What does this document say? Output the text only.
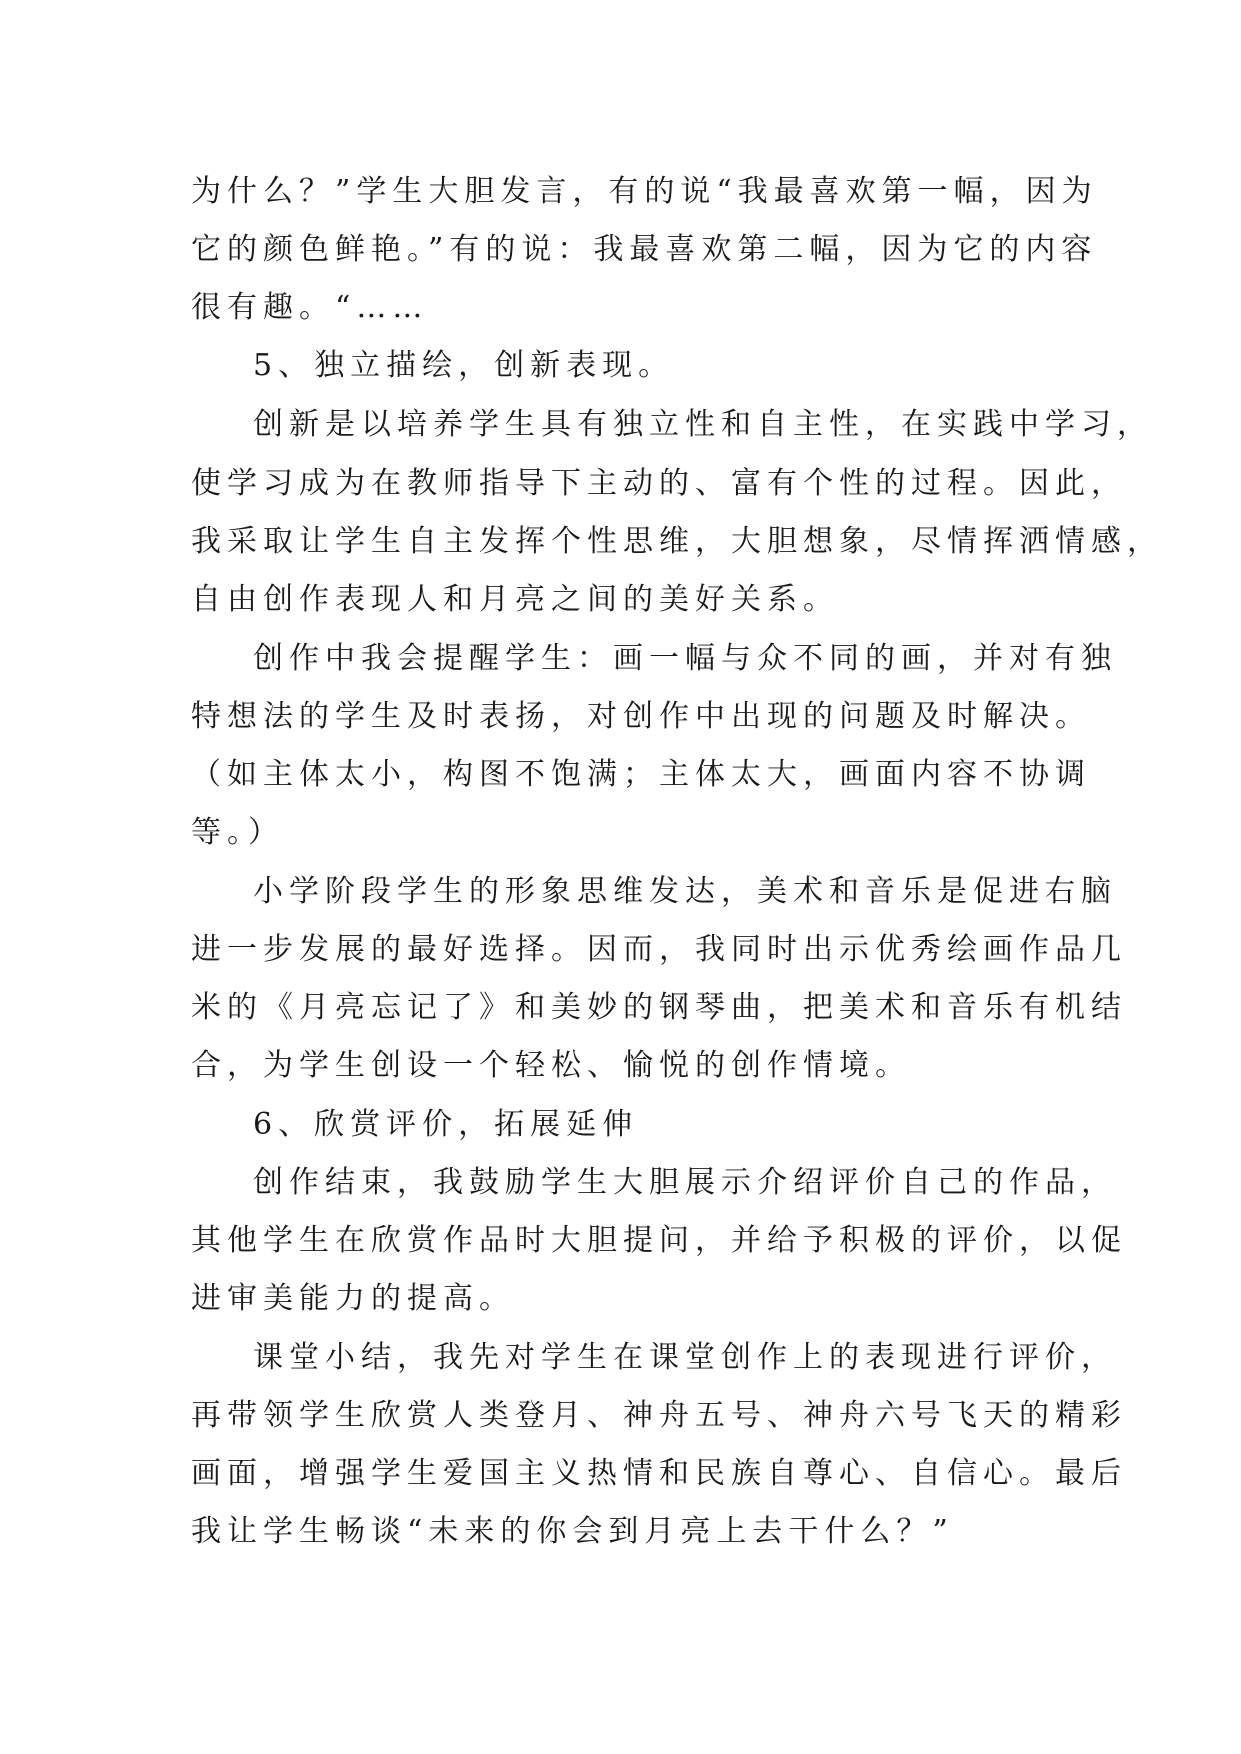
为什么？”学生大胆发言，有的说“我最喜欢第一幅，因为
它的颜色鲜艳。”有的说：我最喜欢第二幅，因为它的内容
很有趣。“……
5、独立描绘，创新表现。
创新是以培养学生具有独立性和自主性，在实践中学习，
使学习成为在教师指导下主动的、富有个性的过程。因此，
我采取让学生自主发挥个性思维，大胆想象，尽情挥洒情感，
自由创作表现人和月亮之间的美好关系。
创作中我会提醒学生：画一幅与众不同的画，并对有独
特想法的学生及时表扬，对创作中出现的问题及时解决。
（如主体太小，构图不饱满；主体太大，画面内容不协调
等。）
小学阶段学生的形象思维发达，美术和音乐是促进右脑
进一步发展的最好选择。因而，我同时出示优秀绘画作品几
米的《月亮忘记了》和美妙的钢琴曲，把美术和音乐有机结
合，为学生创设一个轻松、愉悦的创作情境。
6、欣赏评价，拓展延伸
创作结束，我鼓励学生大胆展示介绍评价自己的作品，
其他学生在欣赏作品时大胆提问，并给予积极的评价，以促
进审美能力的提高。
课堂小结，我先对学生在课堂创作上的表现进行评价，
再带领学生欣赏人类登月、神舟五号、神舟六号飞天的精彩
画面，增强学生爱国主义热情和民族自尊心、自信心。最后
我让学生畅谈“未来的你会到月亮上去干什么？”
